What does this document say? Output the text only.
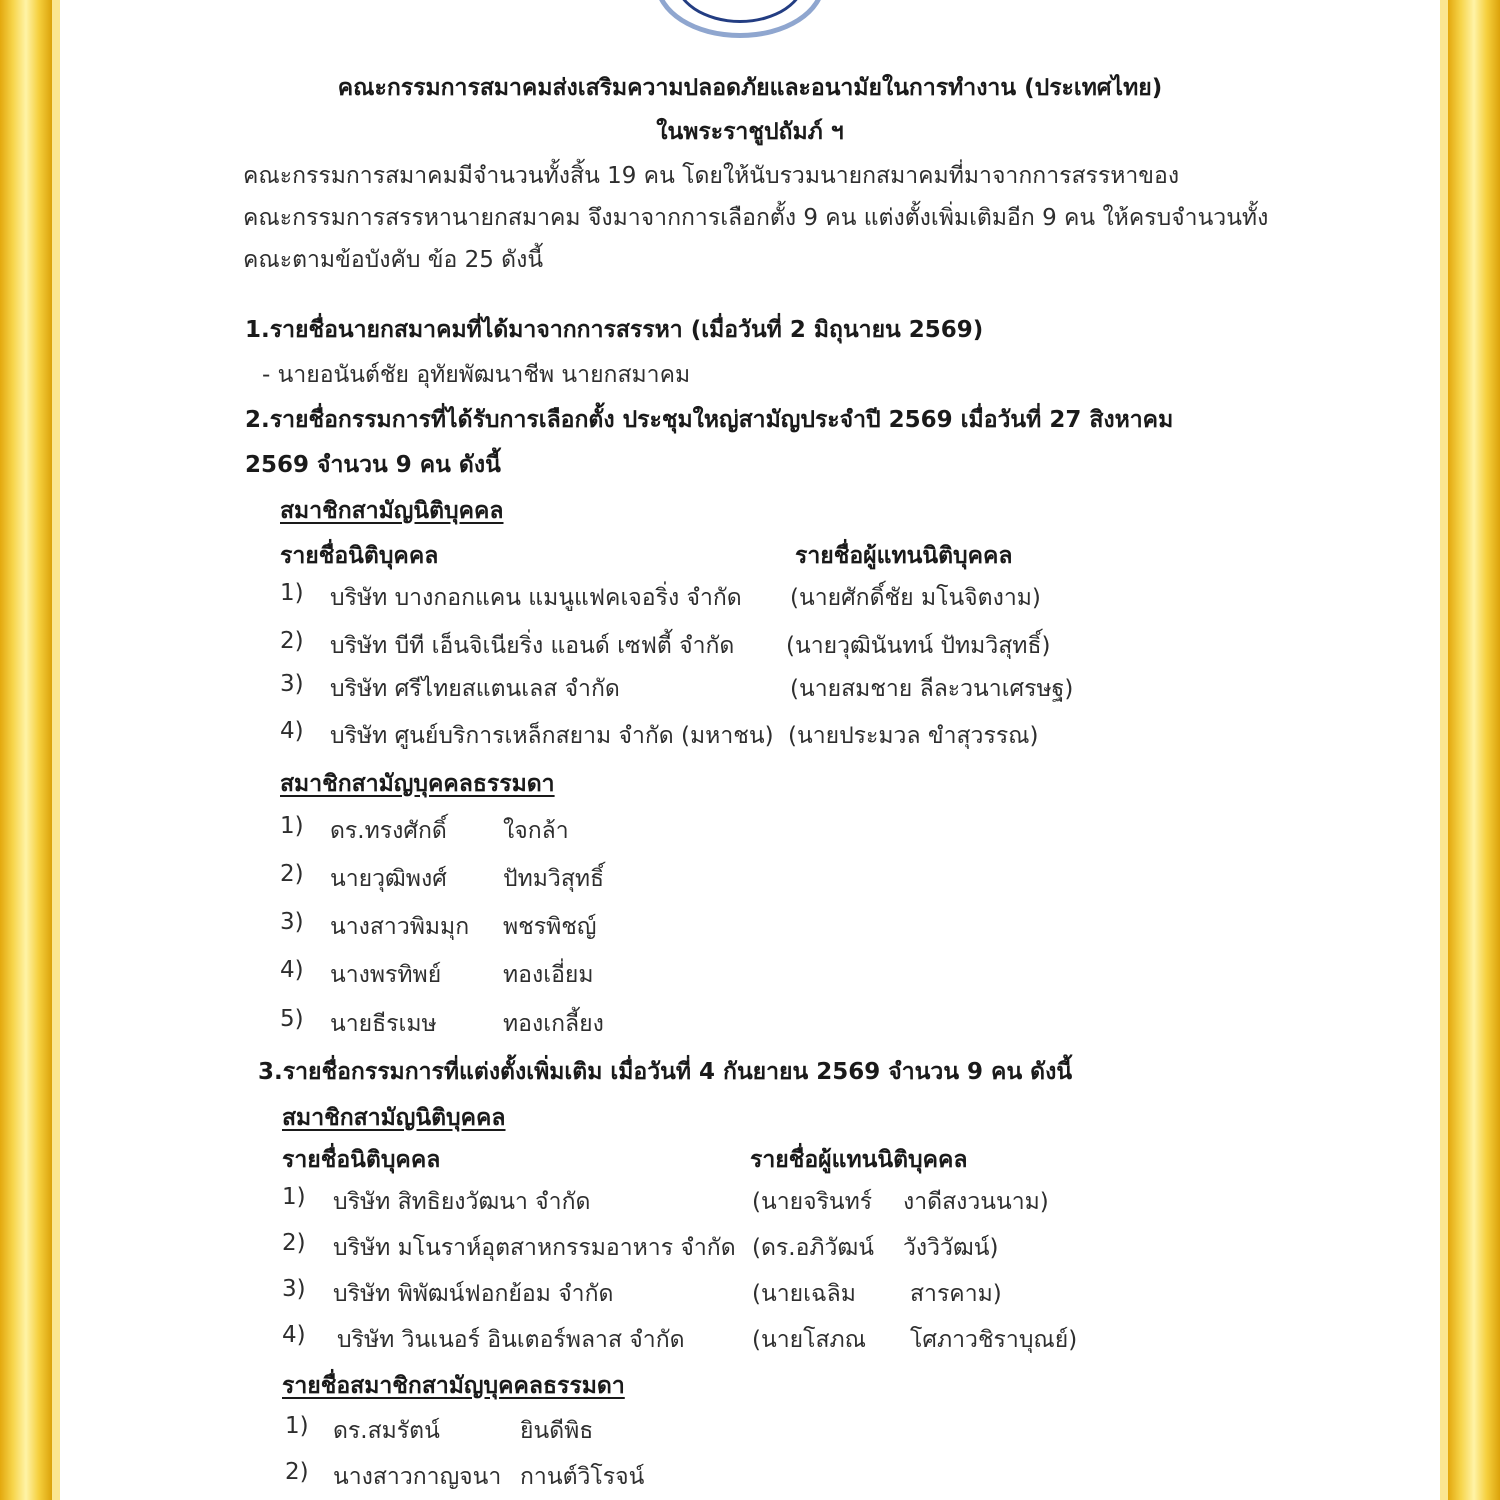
คณะกรรมการสมาคมส่งเสริมความปลอดภัยและอนามัยในการทำงาน (ประเทศไทย)
ในพระราชูปถัมภ์ ฯ
คณะกรรมการสมาคมมีจำนวนทั้งสิ้น 19 คน โดยให้นับรวมนายกสมาคมที่มาจากการสรรหาของ
คณะกรรมการสรรหานายกสมาคม จึงมาจากการเลือกตั้ง 9 คน แต่งตั้งเพิ่มเติมอีก 9 คน ให้ครบจำนวนทั้ง
คณะตามข้อบังคับ ข้อ 25 ดังนี้
1.รายชื่อนายกสมาคมที่ได้มาจากการสรรหา (เมื่อวันที่ 2 มิถุนายน 2569)
- นายอนันต์ชัย อุทัยพัฒนาชีพ นายกสมาคม
2.รายชื่อกรรมการที่ได้รับการเลือกตั้ง ประชุมใหญ่สามัญประจำปี 2569 เมื่อวันที่ 27 สิงหาคม
2569 จำนวน 9 คน ดังนี้
สมาชิกสามัญนิติบุคคล
รายชื่อนิติบุคคล	รายชื่อผู้แทนนิติบุคคล
1) บริษัท บางกอกแคน แมนูแฟคเจอริ่ง จำกัด (นายศักดิ์ชัย มโนจิตงาม)
2) บริษัท บีที เอ็นจิเนียริ่ง แอนด์ เซฟตี้ จำกัด (นายวุฒินันทน์ ปัทมวิสุทธิ์)
3) บริษัท ศรีไทยสแตนเลส จำกัด	(นายสมชาย ลีละวนาเศรษฐ)
4) บริษัท ศูนย์บริการเหล็กสยาม จำกัด (มหาชน) (นายประมวล ขำสุวรรณ)
สมาชิกสามัญบุคคลธรรมดา
1) ดร.ทรงศักดิ์ ใจกล้า
2) นายวุฒิพงศ์ ปัทมวิสุทธิ์
3) นางสาวพิมมุก พชรพิชญ์
4) นางพรทิพย์	ทองเอี่ยม
5) นายธีรเมษ	ทองเกลี้ยง
3.รายชื่อกรรมการที่แต่งตั้งเพิ่มเติม เมื่อวันที่ 4 กันยายน 2569 จำนวน 9 คน ดังนี้
สมาชิกสามัญนิติบุคคล
รายชื่อนิติบุคคล	รายชื่อผู้แทนนิติบุคคล
1) บริษัท สิทธิยงวัฒนา จำกัด	(นายจรินทร์ งาดีสงวนนาม)
2) บริษัท มโนราห์อุตสาหกรรมอาหาร จำกัด (ดร.อภิวัฒน์ วังวิวัฒน์)
3) บริษัท พิพัฒน์ฟอกย้อม จำกัด	(นายเฉลิม สารคาม)
4) บริษัท วินเนอร์ อินเตอร์พลาส จำกัด	(นายโสภณ โศภาวชิราบุณย์)
รายชื่อสมาชิกสามัญบุคคลธรรมดา
1) ดร.สมรัตน์	ยินดีพิธ
2) นางสาวกาญจนา กานต์วิโรจน์
